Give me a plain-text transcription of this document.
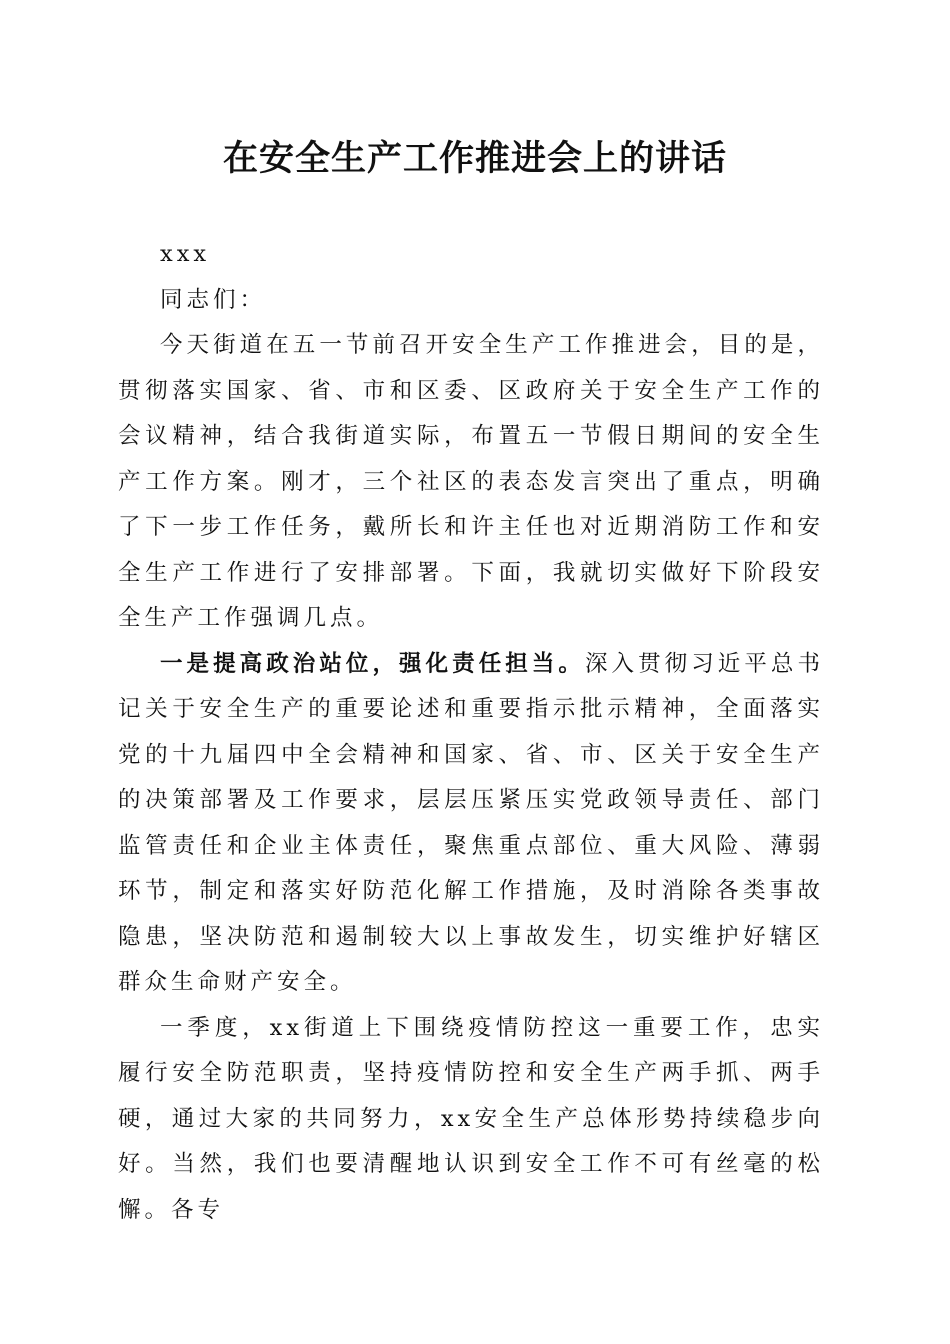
在安全生产工作推进会上的讲话

xxx

同志们：

今天街道在五一节前召开安全生产工作推进会，目的是，贯彻落实国家、省、市和区委、区政府关于安全生产工作的会议精神，结合我街道实际，布置五一节假日期间的安全生产工作方案。刚才，三个社区的表态发言突出了重点，明确了下一步工作任务，戴所长和许主任也对近期消防工作和安全生产工作进行了安排部署。下面，我就切实做好下阶段安全生产工作强调几点。

一是提高政治站位，强化责任担当。深入贯彻习近平总书记关于安全生产的重要论述和重要指示批示精神，全面落实党的十九届四中全会精神和国家、省、市、区关于安全生产的决策部署及工作要求，层层压紧压实党政领导责任、部门监管责任和企业主体责任，聚焦重点部位、重大风险、薄弱环节，制定和落实好防范化解工作措施，及时消除各类事故隐患，坚决防范和遏制较大以上事故发生，切实维护好辖区群众生命财产安全。

一季度，xx街道上下围绕疫情防控这一重要工作，忠实履行安全防范职责，坚持疫情防控和安全生产两手抓、两手硬，通过大家的共同努力，xx安全生产总体形势持续稳步向好。当然，我们也要清醒地认识到安全工作不可有丝毫的松懈。各专
